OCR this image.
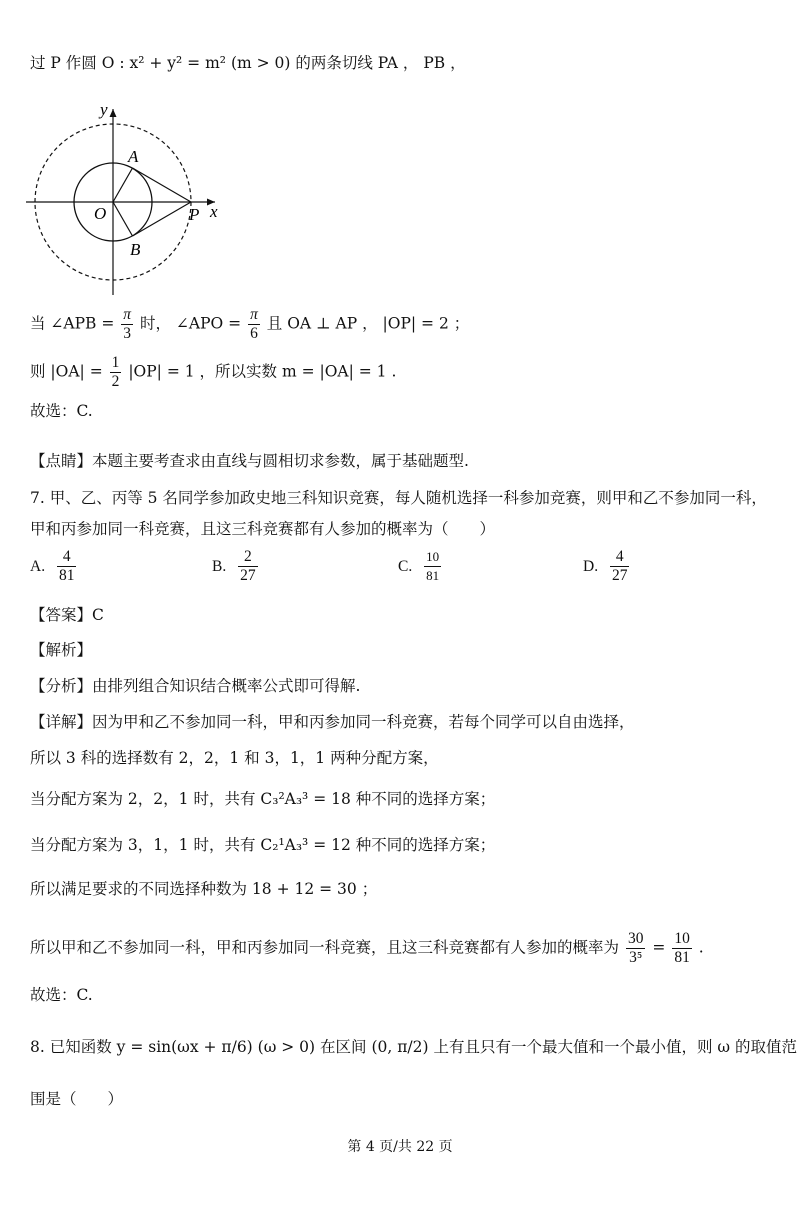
过 P 作圆 O : x² + y² = m² (m > 0) 的两条切线 PA ， PB ，
y
x
A
B
O	P
当 ∠APB = $\frac{\pi}{3}$ 时， ∠APO = $\frac{\pi}{6}$ 且 OA ⊥ AP ， |OP| = 2 ；
则 $|OA| = \frac{1}{2} |OP| = 1$ ，所以实数 m = |OA| = 1 .
故选：C.
【点睛】本题主要考查求由直线与圆相切求参数，属于基础题型.
7. 甲、乙、丙等 5 名同学参加政史地三科知识竞赛，每人随机选择一科参加竞赛，则甲和乙不参加同一科，
甲和丙参加同一科竞赛，且这三科竞赛都有人参加的概率为（　　）
A. $\frac{4}{81}$	B. $\frac{2}{27}$	C. $\frac{10}{81}$	D. $\frac{4}{27}$
【答案】C
【解析】
【分析】由排列组合知识结合概率公式即可得解.
【详解】因为甲和乙不参加同一科，甲和丙参加同一科竞赛，若每个同学可以自由选择，
所以 3 科的选择数有 2，2，1 和 3，1，1 两种分配方案，
当分配方案为 2，2，1 时，共有 C₃²A₃³ = 18 种不同的选择方案；
当分配方案为 3，1，1 时，共有 C₂¹A₃³ = 12 种不同的选择方案；
所以满足要求的不同选择种数为 18 + 12 = 30 ；
所以甲和乙不参加同一科，甲和丙参加同一科竞赛，且这三科竞赛都有人参加的概率为 $\frac{30}{\text{3⁵}} = \frac{10}{81}$ .
故选：C.
8. 已知函数 y = sin(ωx + π/6) (ω > 0) 在区间 (0, π/2) 上有且只有一个最大值和一个最小值，则 ω 的取值范
围是（　　）
第 4 页/共 22 页
